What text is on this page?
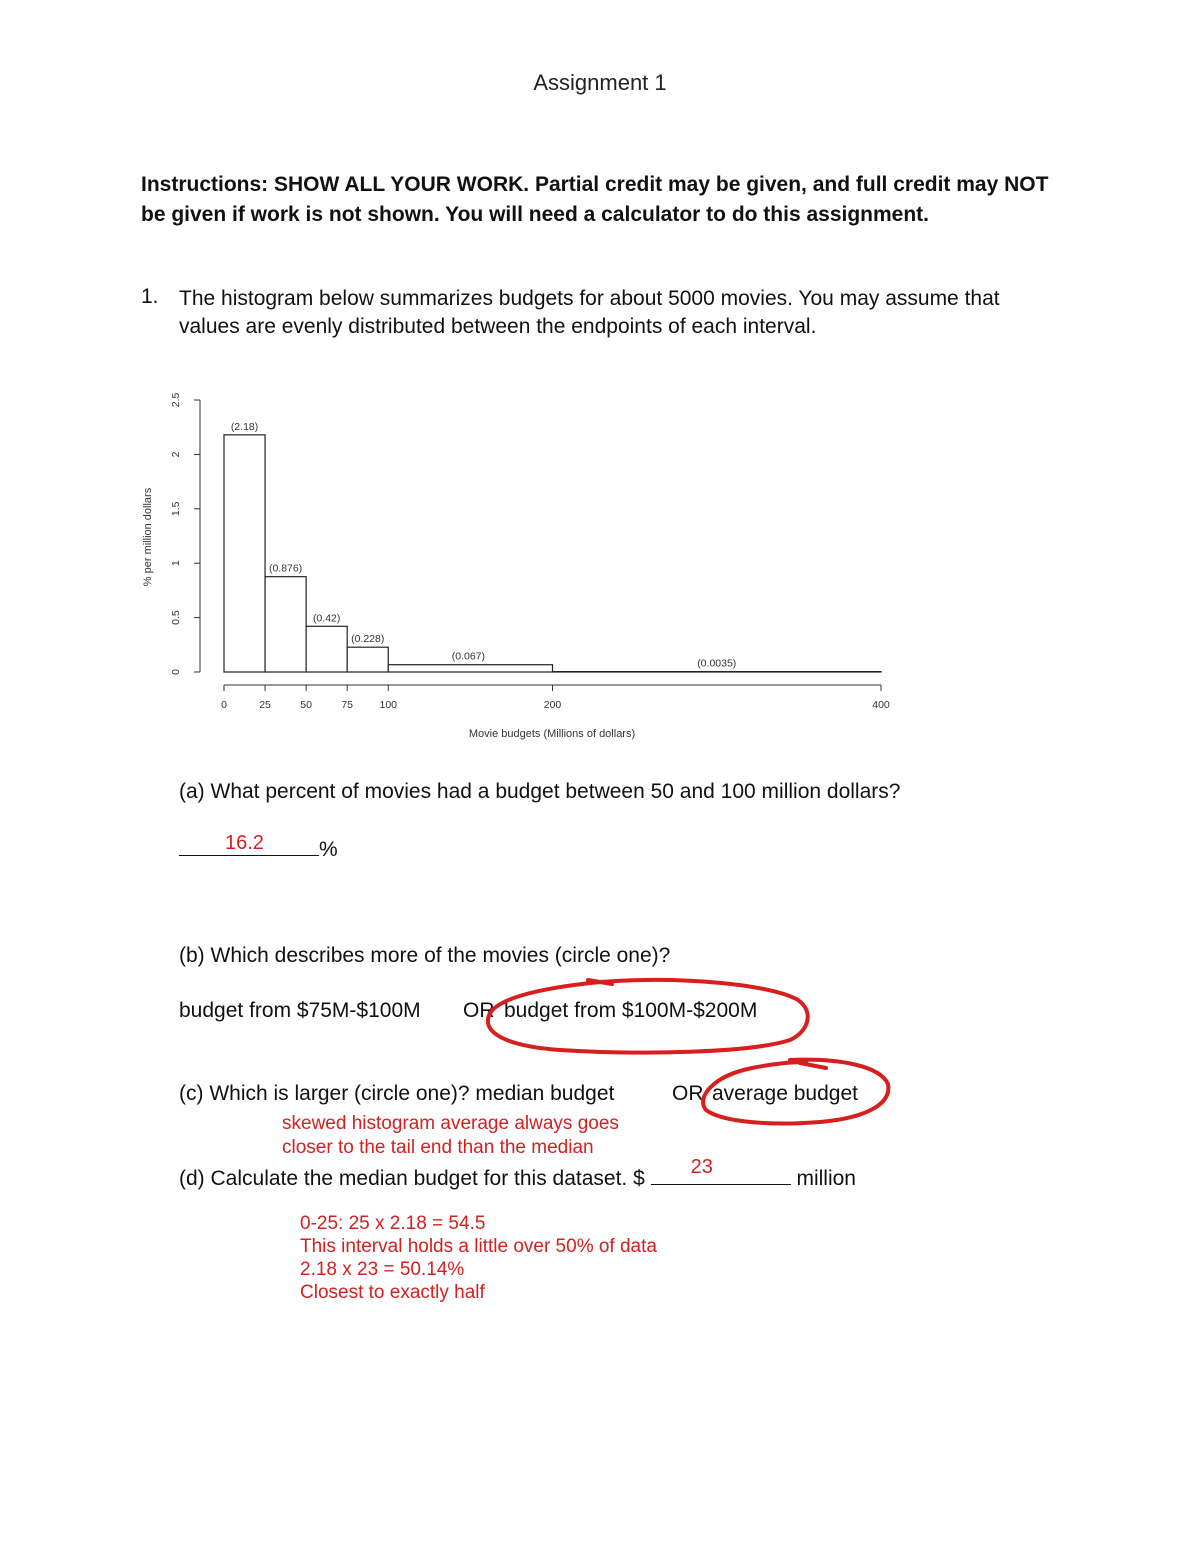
Assignment 1
Instructions: SHOW ALL YOUR WORK. Partial credit may be given, and full credit may NOT be given if work is not shown. You will need a calculator to do this assignment.
1. The histogram below summarizes budgets for about 5000 movies. You may assume that values are evenly distributed between the endpoints of each interval.
(2.18)
(0.876)
(0.42)
(0.228)
(0.067)
(0.0035)
0
0.5
1
1.5
2
2.5
0	25	50	75	100	200	400
Movie budgets (Millions of dollars)
% per million dollars
(a) What percent of movies had a budget between 50 and 100 million dollars?
16.2	%
(b) Which describes more of the movies (circle one)?
budget from $75M-$100M OR budget from $100M-$200M
(c) Which is larger (circle one)? median budget	OR average budget
skewed histogram average always goes
closer to the tail end than the median
(d) Calculate the median budget for this dataset. $ 23	million
0-25: 25 x 2.18 = 54.5
This interval holds a little over 50% of data
2.18 x 23 = 50.14%
Closest to exactly half
